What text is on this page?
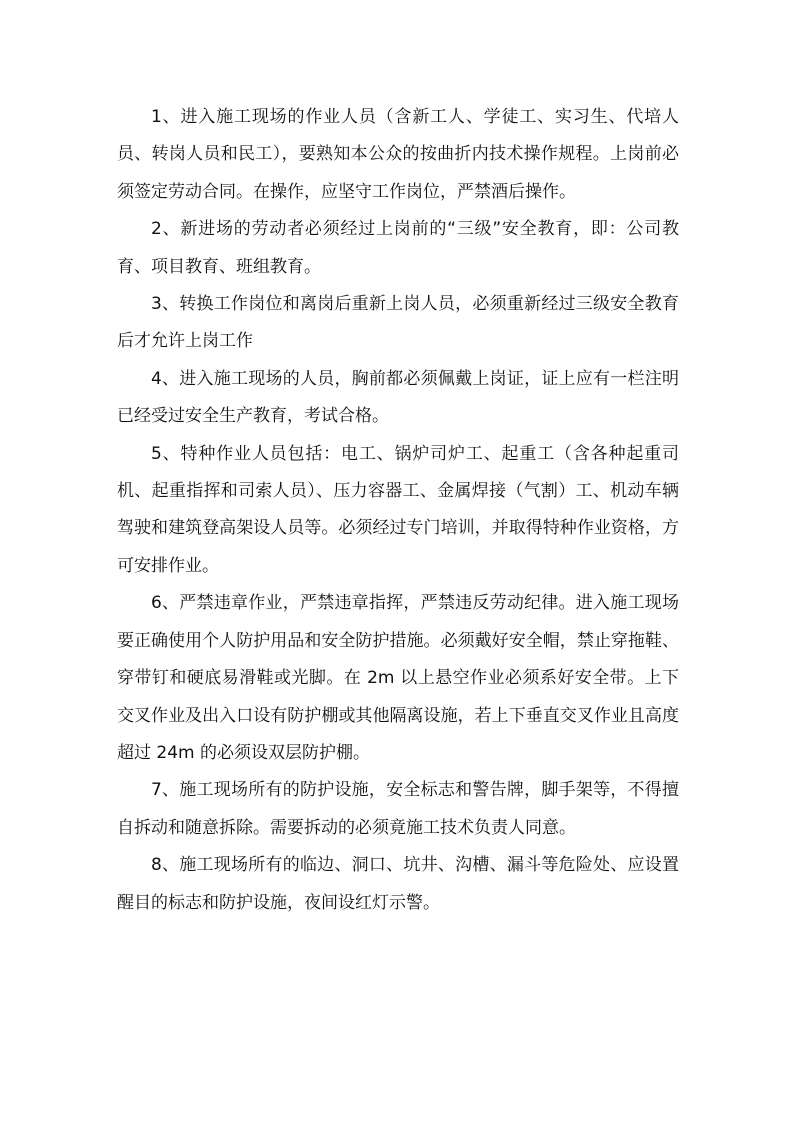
1、进入施工现场的作业人员（含新工人、学徒工、实习生、代培人员、转岗人员和民工），要熟知本公众的按曲折内技术操作规程。上岗前必须签定劳动合同。在操作，应坚守工作岗位，严禁酒后操作。

2、新进场的劳动者必须经过上岗前的“三级”安全教育，即：公司教育、项目教育、班组教育。

3、转换工作岗位和离岗后重新上岗人员，必须重新经过三级安全教育后才允许上岗工作

4、进入施工现场的人员，胸前都必须佩戴上岗证，证上应有一栏注明已经受过安全生产教育，考试合格。

5、特种作业人员包括：电工、锅炉司炉工、起重工（含各种起重司机、起重指挥和司索人员）、压力容器工、金属焊接（气割）工、机动车辆驾驶和建筑登高架设人员等。必须经过专门培训，并取得特种作业资格，方可安排作业。

6、严禁违章作业，严禁违章指挥，严禁违反劳动纪律。进入施工现场要正确使用个人防护用品和安全防护措施。必须戴好安全帽，禁止穿拖鞋、穿带钉和硬底易滑鞋或光脚。在 2m 以上悬空作业必须系好安全带。上下交叉作业及出入口设有防护棚或其他隔离设施，若上下垂直交叉作业且高度超过 24m 的必须设双层防护棚。

7、施工现场所有的防护设施，安全标志和警告牌，脚手架等，不得擅自拆动和随意拆除。需要拆动的必须竟施工技术负责人同意。

8、施工现场所有的临边、洞口、坑井、沟槽、漏斗等危险处、应设置醒目的标志和防护设施，夜间设红灯示警。
